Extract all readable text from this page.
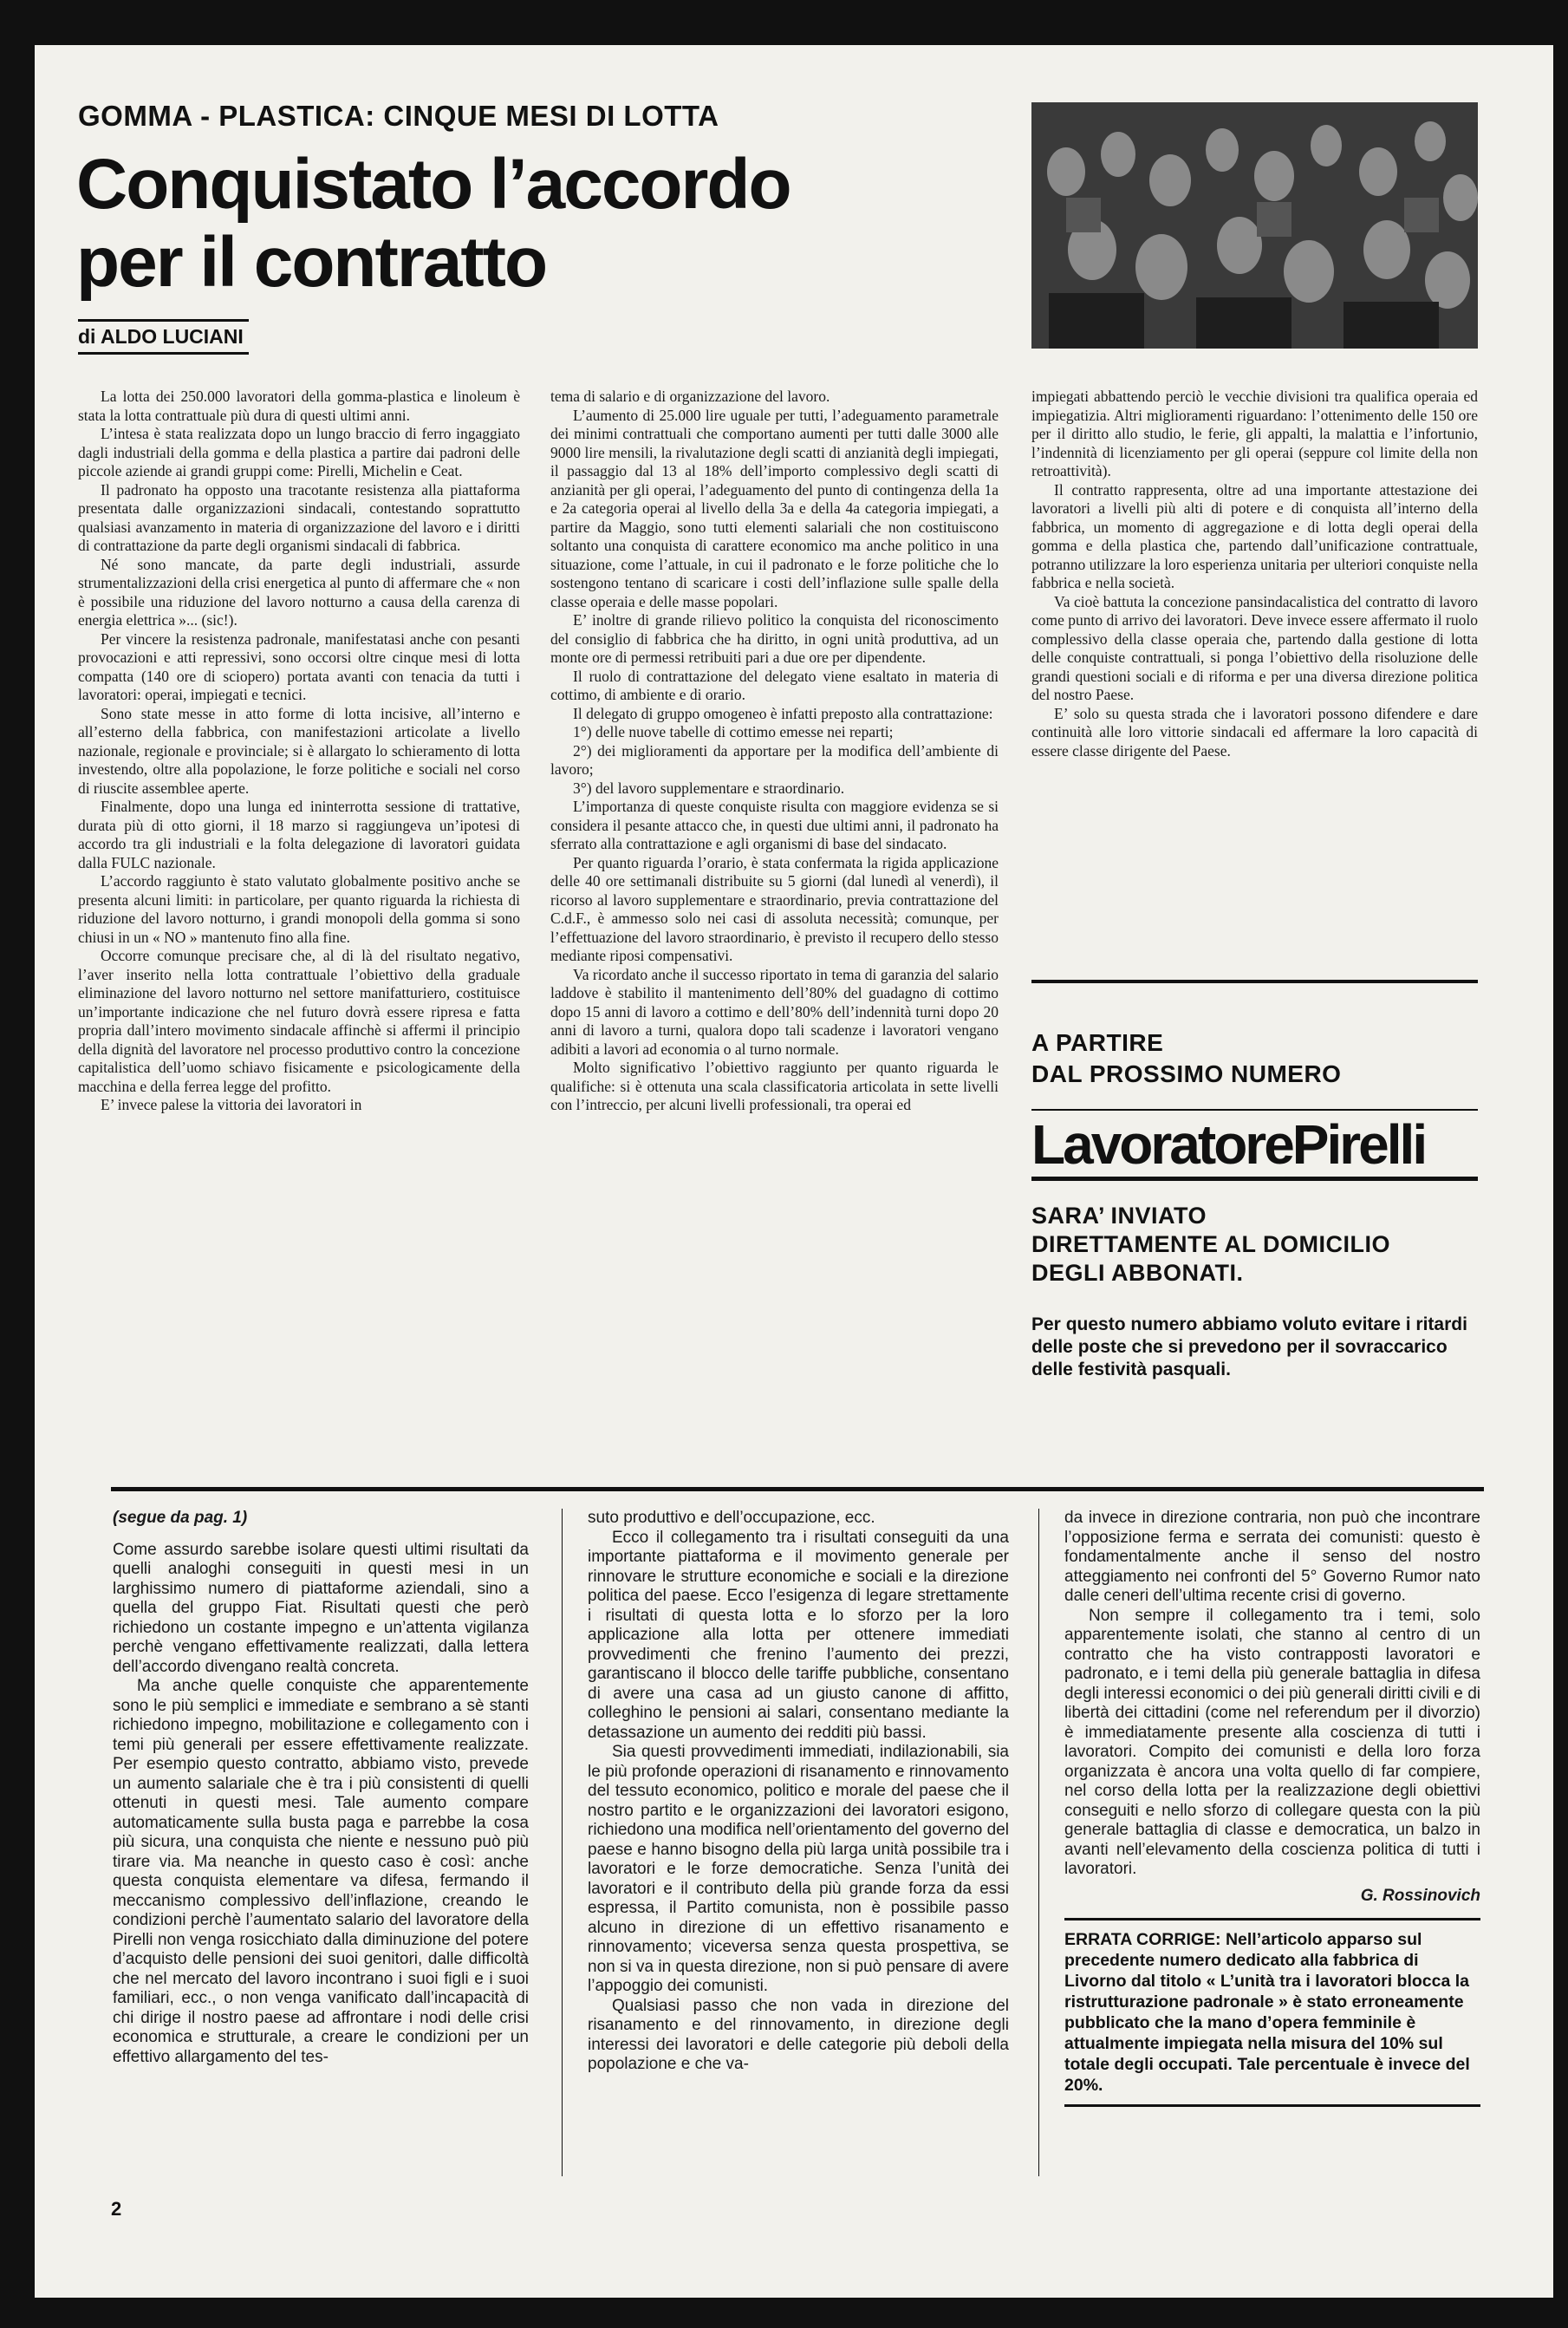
GOMMA - PLASTICA: CINQUE MESI DI LOTTA
Conquistato l’accordo
per il contratto
di ALDO LUCIANI

La lotta dei 250.000 lavoratori della gomma-plastica e linoleum è stata la lotta contrattuale più dura di questi ultimi anni.

L’intesa è stata realizzata dopo un lungo braccio di ferro ingaggiato dagli industriali della gomma e della plastica a partire dai padroni delle piccole aziende ai grandi gruppi come: Pirelli, Michelin e Ceat.

Il padronato ha opposto una tracotante resistenza alla piattaforma presentata dalle organizzazioni sindacali, contestando soprattutto qualsiasi avanzamento in materia di organizzazione del lavoro e i diritti di contrattazione da parte degli organismi sindacali di fabbrica.

Né sono mancate, da parte degli industriali, assurde strumentalizzazioni della crisi energetica al punto di affermare che « non è possibile una riduzione del lavoro notturno a causa della carenza di energia elettrica »... (sic!).

Per vincere la resistenza padronale, manifestatasi anche con pesanti provocazioni e atti repressivi, sono occorsi oltre cinque mesi di lotta compatta (140 ore di sciopero) portata avanti con tenacia da tutti i lavoratori: operai, impiegati e tecnici.

Sono state messe in atto forme di lotta incisive, all’interno e all’esterno della fabbrica, con manifestazioni articolate a livello nazionale, regionale e provinciale; si è allargato lo schieramento di lotta investendo, oltre alla popolazione, le forze politiche e sociali nel corso di riuscite assemblee aperte.

Finalmente, dopo una lunga ed ininterrotta sessione di trattative, durata più di otto giorni, il 18 marzo si raggiungeva un’ipotesi di accordo tra gli industriali e la folta delegazione di lavoratori guidata dalla FULC nazionale.

L’accordo raggiunto è stato valutato globalmente positivo anche se presenta alcuni limiti: in particolare, per quanto riguarda la richiesta di riduzione del lavoro notturno, i grandi monopoli della gomma si sono chiusi in un « NO » mantenuto fino alla fine.

Occorre comunque precisare che, al di là del risultato negativo, l’aver inserito nella lotta contrattuale l’obiettivo della graduale eliminazione del lavoro notturno nel settore manifatturiero, costituisce un’importante indicazione che nel futuro dovrà essere ripresa e fatta propria dall’intero movimento sindacale affinchè si affermi il principio della dignità del lavoratore nel processo produttivo contro la concezione capitalistica dell’uomo schiavo fisicamente e psicologicamente della macchina e della ferrea legge del profitto.

E’ invece palese la vittoria dei lavoratori in

tema di salario e di organizzazione del lavoro.

L’aumento di 25.000 lire uguale per tutti, l’adeguamento parametrale dei minimi contrattuali che comportano aumenti per tutti dalle 3000 alle 9000 lire mensili, la rivalutazione degli scatti di anzianità degli impiegati, il passaggio dal 13 al 18% dell’importo complessivo degli scatti di anzianità per gli operai, l’adeguamento del punto di contingenza della 1a e 2a categoria operai al livello della 3a e della 4a categoria impiegati, a partire da Maggio, sono tutti elementi salariali che non costituiscono soltanto una conquista di carattere economico ma anche politico in una situazione, come l’attuale, in cui il padronato e le forze politiche che lo sostengono tentano di scaricare i costi dell’inflazione sulle spalle della classe operaia e delle masse popolari.

E’ inoltre di grande rilievo politico la conquista del riconoscimento del consiglio di fabbrica che ha diritto, in ogni unità produttiva, ad un monte ore di permessi retribuiti pari a due ore per dipendente.

Il ruolo di contrattazione del delegato viene esaltato in materia di cottimo, di ambiente e di orario.

Il delegato di gruppo omogeneo è infatti preposto alla contrattazione:

1°) delle nuove tabelle di cottimo emesse nei reparti;

2°) dei miglioramenti da apportare per la modifica dell’ambiente di lavoro;

3°) del lavoro supplementare e straordinario.

L’importanza di queste conquiste risulta con maggiore evidenza se si considera il pesante attacco che, in questi due ultimi anni, il padronato ha sferrato alla contrattazione e agli organismi di base del sindacato.

Per quanto riguarda l’orario, è stata confermata la rigida applicazione delle 40 ore settimanali distribuite su 5 giorni (dal lunedì al venerdì), il ricorso al lavoro supplementare e straordinario, previa contrattazione del C.d.F., è ammesso solo nei casi di assoluta necessità; comunque, per l’effettuazione del lavoro straordinario, è previsto il recupero dello stesso mediante riposi compensativi.

Va ricordato anche il successo riportato in tema di garanzia del salario laddove è stabilito il mantenimento dell’80% del guadagno di cottimo dopo 15 anni di lavoro a cottimo e dell’80% dell’indennità turni dopo 20 anni di lavoro a turni, qualora dopo tali scadenze i lavoratori vengano adibiti a lavori ad economia o al turno normale.

Molto significativo l’obiettivo raggiunto per quanto riguarda le qualifiche: si è ottenuta una scala classificatoria articolata in sette livelli con l’intreccio, per alcuni livelli professionali, tra operai ed

impiegati abbattendo perciò le vecchie divisioni tra qualifica operaia ed impiegatizia. Altri miglioramenti riguardano: l’ottenimento delle 150 ore per il diritto allo studio, le ferie, gli appalti, la malattia e l’infortunio, l’indennità di licenziamento per gli operai (seppure col limite della non retroattività).

Il contratto rappresenta, oltre ad una importante attestazione dei lavoratori a livelli più alti di potere e di conquista all’interno della fabbrica, un momento di aggregazione e di lotta degli operai della gomma e della plastica che, partendo dall’unificazione contrattuale, potranno utilizzare la loro esperienza unitaria per ulteriori conquiste nella fabbrica e nella società.

Va cioè battuta la concezione pansindacalistica del contratto di lavoro come punto di arrivo dei lavoratori. Deve invece essere affermato il ruolo complessivo della classe operaia che, partendo dalla gestione di lotta delle conquiste contrattuali, si ponga l’obiettivo della risoluzione delle grandi questioni sociali e di riforma e per una diversa direzione politica del nostro Paese.

E’ solo su questa strada che i lavoratori possono difendere e dare continuità alle loro vittorie sindacali ed affermare la loro capacità di essere classe dirigente del Paese.

A PARTIRE
DAL PROSSIMO NUMERO
LavoratorePirelli
SARA’ INVIATO
DIRETTAMENTE AL DOMICILIO
DEGLI ABBONATI.
Per questo numero abbiamo voluto evitare i ritardi delle poste che si prevedono per il sovraccarico delle festività pasquali.

(segue da pag. 1)

Come assurdo sarebbe isolare questi ultimi risultati da quelli analoghi conseguiti in questi mesi in un larghissimo numero di piattaforme aziendali, sino a quella del gruppo Fiat. Risultati questi che però richiedono un costante impegno e un’attenta vigilanza perchè vengano effettivamente realizzati, dalla lettera dell’accordo divengano realtà concreta.

Ma anche quelle conquiste che apparentemente sono le più semplici e immediate e sembrano a sè stanti richiedono impegno, mobilitazione e collegamento con i temi più generali per essere effettivamente realizzate. Per esempio questo contratto, abbiamo visto, prevede un aumento salariale che è tra i più consistenti di quelli ottenuti in questi mesi. Tale aumento compare automaticamente sulla busta paga e parrebbe la cosa più sicura, una conquista che niente e nessuno può più tirare via. Ma neanche in questo caso è così: anche questa conquista elementare va difesa, fermando il meccanismo complessivo dell’inflazione, creando le condizioni perchè l’aumentato salario del lavoratore della Pirelli non venga rosicchiato dalla diminuzione del potere d’acquisto delle pensioni dei suoi genitori, dalle difficoltà che nel mercato del lavoro incontrano i suoi figli e i suoi familiari, ecc., o non venga vanificato dall’incapacità di chi dirige il nostro paese ad affrontare i nodi delle crisi economica e strutturale, a creare le condizioni per un effettivo allargamento del tes-

suto produttivo e dell’occupazione, ecc.

Ecco il collegamento tra i risultati conseguiti da una importante piattaforma e il movimento generale per rinnovare le strutture economiche e sociali e la direzione politica del paese. Ecco l’esigenza di legare strettamente i risultati di questa lotta e lo sforzo per la loro applicazione alla lotta per ottenere immediati provvedimenti che frenino l’aumento dei prezzi, garantiscano il blocco delle tariffe pubbliche, consentano di avere una casa ad un giusto canone di affitto, colleghino le pensioni ai salari, consentano mediante la detassazione un aumento dei redditi più bassi.

Sia questi provvedimenti immediati, indilazionabili, sia le più profonde operazioni di risanamento e rinnovamento del tessuto economico, politico e morale del paese che il nostro partito e le organizzazioni dei lavoratori esigono, richiedono una modifica nell’orientamento del governo del paese e hanno bisogno della più larga unità possibile tra i lavoratori e le forze democratiche. Senza l’unità dei lavoratori e il contributo della più grande forza da essi espressa, il Partito comunista, non è possibile passo alcuno in direzione di un effettivo risanamento e rinnovamento; viceversa senza questa prospettiva, se non si va in questa direzione, non si può pensare di avere l’appoggio dei comunisti.

Qualsiasi passo che non vada in direzione del risanamento e del rinnovamento, in direzione degli interessi dei lavoratori e delle categorie più deboli della popolazione e che va-

da invece in direzione contraria, non può che incontrare l’opposizione ferma e serrata dei comunisti: questo è fondamentalmente anche il senso del nostro atteggiamento nei confronti del 5° Governo Rumor nato dalle ceneri dell’ultima recente crisi di governo.

Non sempre il collegamento tra i temi, solo apparentemente isolati, che stanno al centro di un contratto che ha visto contrapposti lavoratori e padronato, e i temi della più generale battaglia in difesa degli interessi economici o dei più generali diritti civili e di libertà dei cittadini (come nel referendum per il divorzio) è immediatamente presente alla coscienza di tutti i lavoratori. Compito dei comunisti e della loro forza organizzata è ancora una volta quello di far compiere, nel corso della lotta per la realizzazione degli obiettivi conseguiti e nello sforzo di collegare questa con la più generale battaglia di classe e democratica, un balzo in avanti nell’elevamento della coscienza politica di tutti i lavoratori.

G. Rossinovich

ERRATA CORRIGE: Nell’articolo apparso sul precedente numero dedicato alla fabbrica di Livorno dal titolo « L’unità tra i lavoratori blocca la ristrutturazione padronale » è stato erroneamente pubblicato che la mano d’opera femminile è attualmente impiegata nella misura del 10% sul totale degli occupati. Tale percentuale è invece del 20%.
2
